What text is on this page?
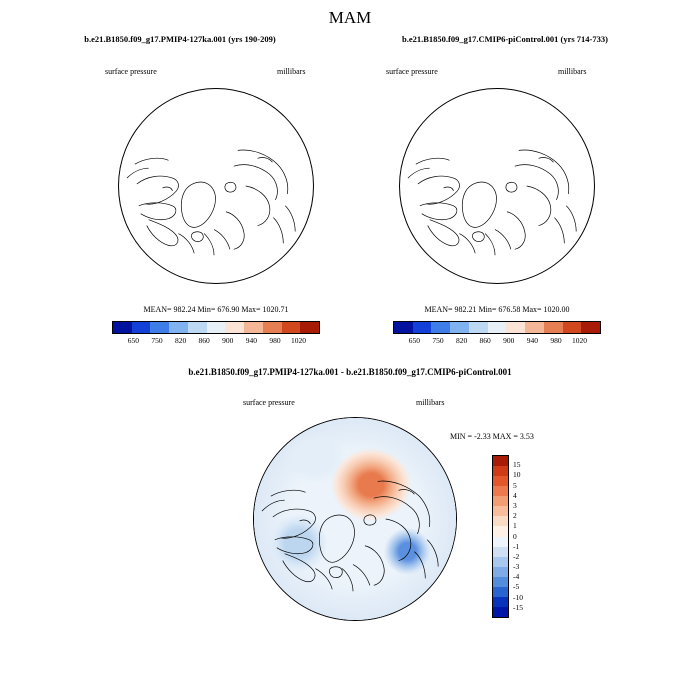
MAM
b.e21.B1850.f09_g17.PMIP4-127ka.001 (yrs 190-209)
surface pressure	millibars
MEAN= 982.24 Min= 676.90 Max= 1020.71
650	750	820	860	900	940	980	1020
b.e21.B1850.f09_g17.CMIP6-piControl.001 (yrs 714-733)
surface pressure	millibars
MEAN= 982.21 Min= 676.58 Max= 1020.00
650	750	820	860	900	940	980	1020
b.e21.B1850.f09_g17.PMIP4-127ka.001 - b.e21.B1850.f09_g17.CMIP6-piControl.001
surface pressure	millibars
MIN = -2.33 MAX = 3.53
15
10
5
4
3
2
1
0
-1
-2
-3
-4
-5
-10
-15
